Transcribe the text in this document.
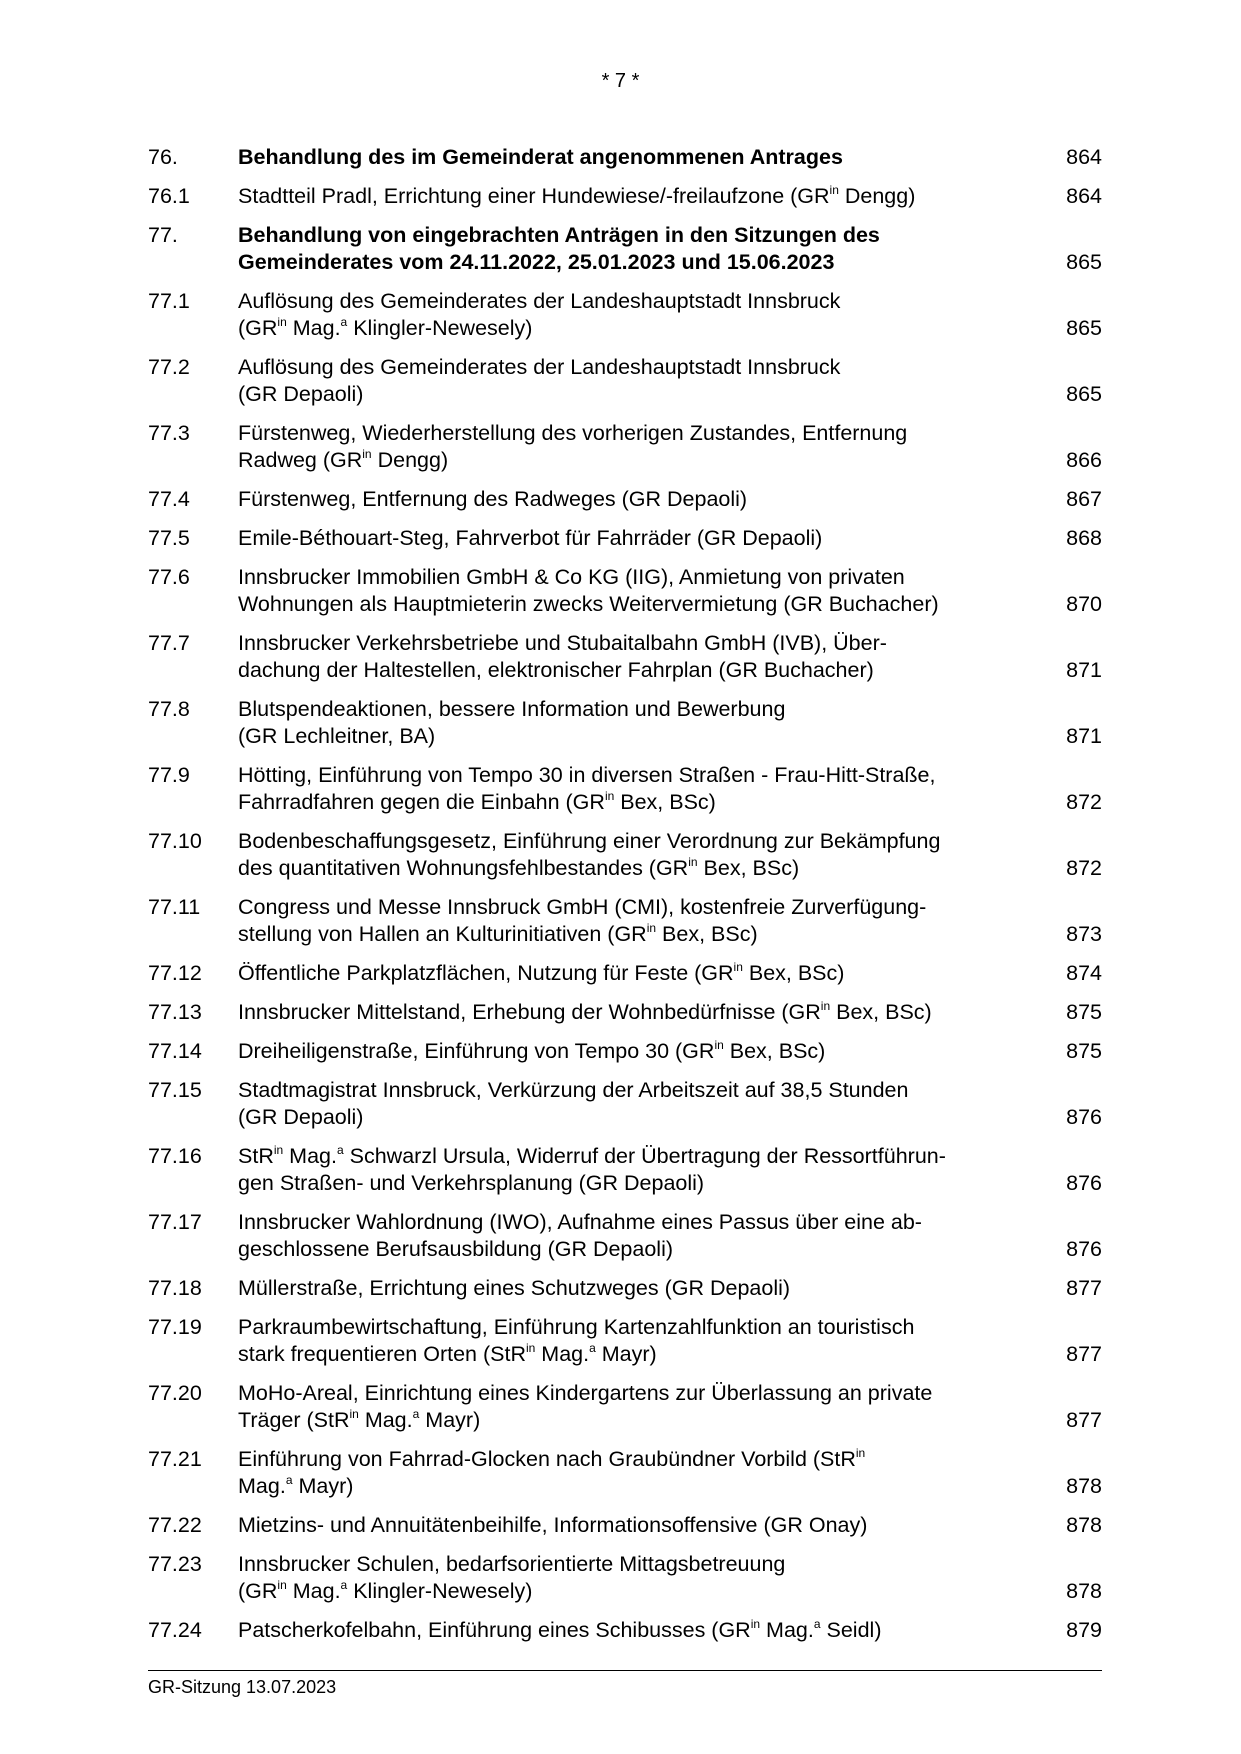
* 7 *
76.	Behandlung des im Gemeinderat angenommenen Antrages	864
76.1	Stadtteil Pradl, Errichtung einer Hundewiese/-freilaufzone ($GR^{in}$ Dengg)	864
77.	Behandlung von eingebrachten Anträgen in den Sitzungen des
Gemeinderates vom 24.11.2022, 25.01.2023 und 15.06.2023	865
77.1	Auflösung des Gemeinderates der Landeshauptstadt Innsbruck
($GR^{in}$ Mag.$^a$ Klingler-Newesely)	865
77.2	Auflösung des Gemeinderates der Landeshauptstadt Innsbruck
(GR Depaoli)	865
77.3	Fürstenweg, Wiederherstellung des vorherigen Zustandes, Entfernung
Radweg ($GR^{in}$ Dengg)	866
77.4	Fürstenweg, Entfernung des Radweges (GR Depaoli)	867
77.5	Emile-Béthouart-Steg, Fahrverbot für Fahrräder (GR Depaoli)	868
77.6	Innsbrucker Immobilien GmbH & Co KG (IIG), Anmietung von privaten
Wohnungen als Hauptmieterin zwecks Weitervermietung (GR Buchacher)	870
77.7	Innsbrucker Verkehrsbetriebe und Stubaitalbahn GmbH (IVB), Über-
dachung der Haltestellen, elektronischer Fahrplan (GR Buchacher)	871
77.8	Blutspendeaktionen, bessere Information und Bewerbung
(GR Lechleitner, BA)	871
77.9	Hötting, Einführung von Tempo 30 in diversen Straßen - Frau-Hitt-Straße,
Fahrradfahren gegen die Einbahn ($GR^{in}$ Bex, BSc)	872
77.10	Bodenbeschaffungsgesetz, Einführung einer Verordnung zur Bekämpfung
des quantitativen Wohnungsfehlbestandes ($GR^{in}$ Bex, BSc)	872
77.11	Congress und Messe Innsbruck GmbH (CMI), kostenfreie Zurverfügung-
stellung von Hallen an Kulturinitiativen ($GR^{in}$ Bex, BSc)	873
77.12	Öffentliche Parkplatzflächen, Nutzung für Feste ($GR^{in}$ Bex, BSc)	874
77.13	Innsbrucker Mittelstand, Erhebung der Wohnbedürfnisse ($GR^{in}$ Bex, BSc)	875
77.14	Dreiheiligenstraße, Einführung von Tempo 30 ($GR^{in}$ Bex, BSc)	875
77.15	Stadtmagistrat Innsbruck, Verkürzung der Arbeitszeit auf 38,5 Stunden
(GR Depaoli)	876
77.16	StR$^{in}$ Mag.$^a$ Schwarzl Ursula, Widerruf der Übertragung der Ressortführun-
gen Straßen- und Verkehrsplanung (GR Depaoli)	876
77.17	Innsbrucker Wahlordnung (IWO), Aufnahme eines Passus über eine ab-
geschlossene Berufsausbildung (GR Depaoli)	876
77.18	Müllerstraße, Errichtung eines Schutzweges (GR Depaoli)	877
77.19	Parkraumbewirtschaftung, Einführung Kartenzahlfunktion an touristisch
stark frequentieren Orten (StR$^{in}$ Mag.$^a$ Mayr)	877
77.20	MoHo-Areal, Einrichtung eines Kindergartens zur Überlassung an private
Träger (StR$^{in}$ Mag.$^a$ Mayr)	877
77.21	Einführung von Fahrrad-Glocken nach Graubündner Vorbild (StR$^{in}$
Mag.$^a$ Mayr)	878
77.22	Mietzins- und Annuitätenbeihilfe, Informationsoffensive (GR Onay)	878
77.23	Innsbrucker Schulen, bedarfsorientierte Mittagsbetreuung
($GR^{in}$ Mag.$^a$ Klingler-Newesely)	878
77.24	Patscherkofelbahn, Einführung eines Schibusses ($GR^{in}$ Mag.$^a$ Seidl)	879
GR-Sitzung 13.07.2023
